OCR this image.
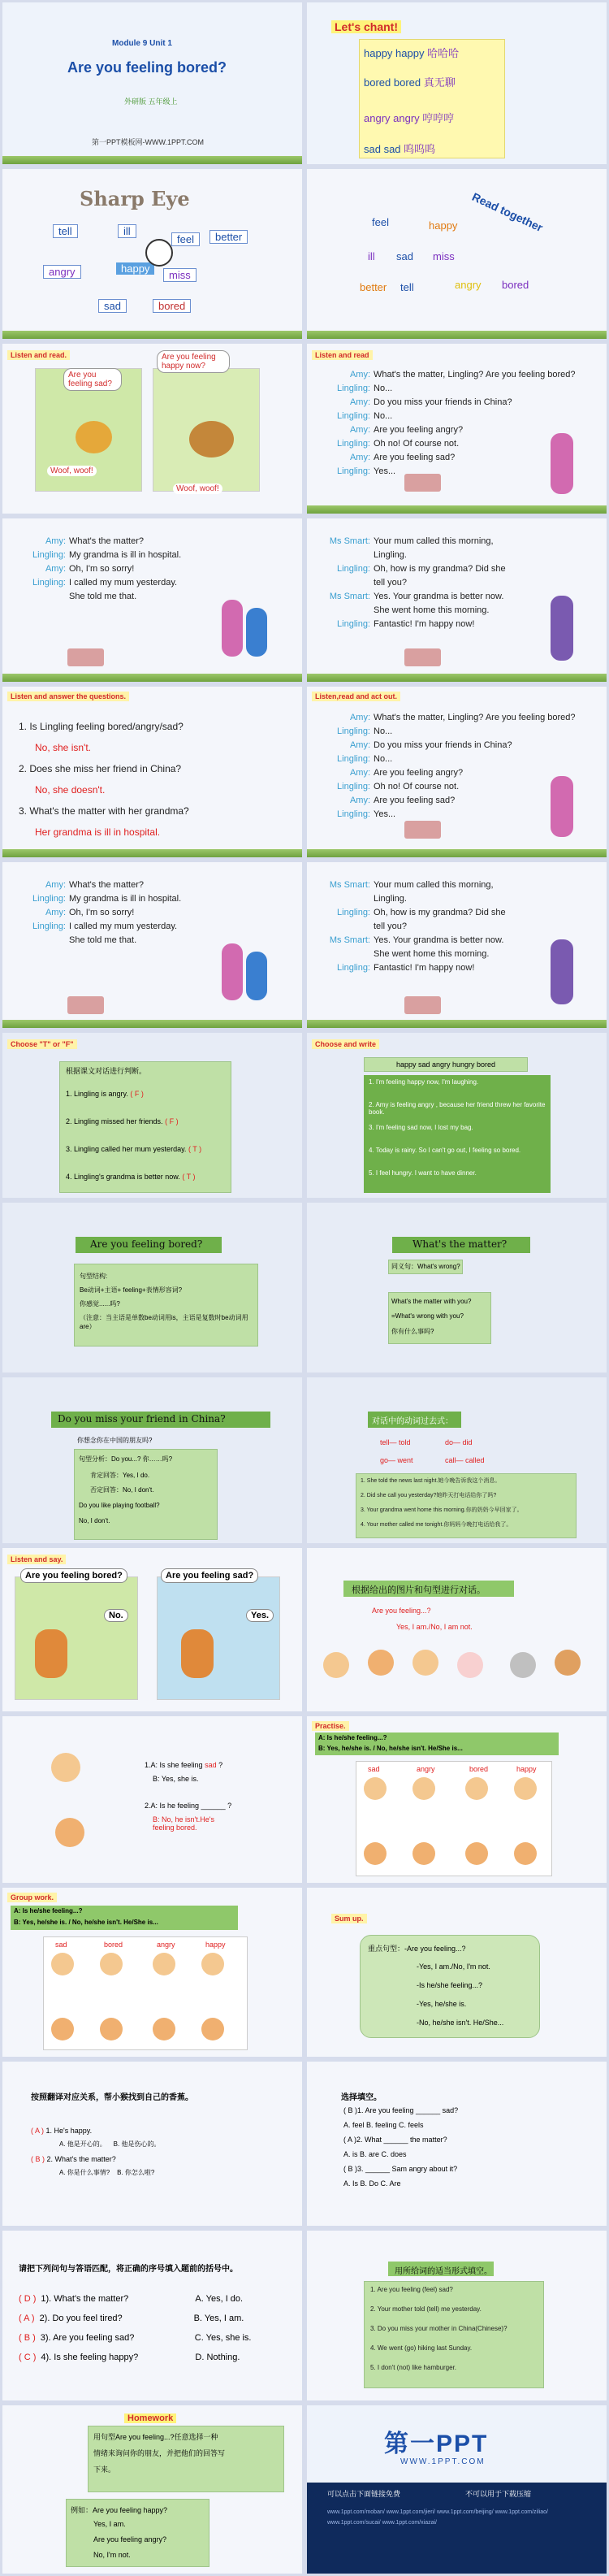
Module 9 Unit 1
Are you feeling bored?
外研版 五年级上
第一PPT模板网-WWW.1PPT.COM
Let's chant!
happy happy 哈哈哈
bored bored 真无聊
angry angry 哼哼哼
sad sad 呜呜呜
Sharp Eye
tell	ill
feel	better
angry	happy
miss
sad	bored
Read together
feel	happy
ill sad miss
better tell	angry bored
Listen and read.
Are you feeling sad?
Are you feeling happy now?
Woof, woof!
Woof, woof!
Listen and read
Amy: What's the matter, Lingling? Are you feeling bored?
Lingling: No...
Amy: Do you miss your friends in China?
Lingling: No...
Amy: Are you feeling angry?
Lingling: Oh no! Of course not.
Amy: Are you feeling sad?
Lingling: Yes...
Amy: What's the matter?
Lingling: My grandma is ill in hospital.
Amy: Oh, I'm so sorry!
Lingling: I called my mum yesterday.
She told me that.
Ms Smart: Your mum called this morning,
Lingling.
Lingling: Oh, how is my grandma? Did she
tell you?
Ms Smart: Yes. Your grandma is better now.
She went home this morning.
Lingling: Fantastic! I'm happy now!
Listen and answer the questions.
1. Is Lingling feeling bored/angry/sad?
No, she isn't.
2. Does she miss her friend in China?
No, she doesn't.
3. What's the matter with her grandma?
Her grandma is ill in hospital.
Listen,read and act out.
Amy: What's the matter, Lingling? Are you feeling bored?
Lingling: No...
Amy: Do you miss your friends in China?
Lingling: No...
Amy: Are you feeling angry?
Lingling: Oh no! Of course not.
Amy: Are you feeling sad?
Lingling: Yes...
Amy: What's the matter?
Lingling: My grandma is ill in hospital.
Amy: Oh, I'm so sorry!
Lingling: I called my mum yesterday.
She told me that.
Ms Smart: Your mum called this morning,
Lingling.
Lingling: Oh, how is my grandma? Did she
tell you?
Ms Smart: Yes. Your grandma is better now.
She went home this morning.
Lingling: Fantastic! I'm happy now!
Choose "T" or "F"
根据课文对话进行判断。
1. Lingling is angry. ( F )
2. Lingling missed her friends. ( F )
3. Lingling called her mum yesterday. ( T )
4. Lingling's grandma is better now. ( T )
Choose and write
happy sad angry hungry bored
1. I'm feeling happy now, I'm laughing.
2. Amy is feeling angry , because her friend threw her favorite book.
3. I'm feeling sad now, I lost my bag.
4. Today is rainy. So I can't go out, I feeling so bored.
5. I feel hungry. I want to have dinner.
Are you feeling bored?
句型结构:
Be动词+主语+ feeling+表情形容词?
你感觉......吗?
（注意：当主语是单数be动词用is，主语是复数时be动词用are）
What's the matter?
同义句：What's wrong?
What's the matter with you?
=What's wrong with you?
你有什么事吗?
Do you miss your friend in China?
你想念你在中国的朋友吗?
句型分析：Do you...? 你……吗?
肯定回答：Yes, I do.
否定回答：No, I don't.
Do you like playing football?
No, I don't.
对话中的动词过去式：
tell— told	do— did
go— went	call— called
1. She told the news last night.她今晚告诉我这个消息。
2. Did she call you yesterday?她昨天打电话给你了吗?
3. Your grandma went home this morning.你的奶奶今早回家了。
4. Your mother called me tonight.你妈妈今晚打电话给我了。
Listen and say.
Are you feeling bored?
No.
Are you feeling sad?
Yes.
根据给出的图片和句型进行对话。
Are you feeling...?
Yes, I am./No, I am not.
1.A: Is she feeling sad ?
B: Yes, she is.
2.A: Is he feeling ______ ?
B: No, he isn't.He's feeling bored.
Practise.
A: Is he/she feeling...?
B: Yes, he/she is. / No, he/she isn't. He/She is...
sad	angry	bored	happy
Group work.
A: Is he/she feeling...?
B: Yes, he/she is. / No, he/she isn't. He/She is...
sad	bored	angry	happy
Sum up.
重点句型：-Are you feeling...?
-Yes, I am./No, I'm not.
-Is he/she feeling...?
-Yes, he/she is.
-No, he/she isn't. He/She...
按照翻译对应关系，帮小猴找到自己的香蕉。
( A ) 1. He's happy.
A. 他是开心的。 B. 他是伤心的。
( B ) 2. What's the matter?
A. 你是什么事情? B. 你怎么啦?
选择填空。
( B )1. Are you feeling ______ sad?
A. feel B. feeling C. feels
( A )2. What ______ the matter?
A. is B. are C. does
( B )3. ______ Sam angry about it?
A. Is B. Do C. Are
请把下列问句与答语匹配，将正确的序号填入题前的括号中。
( D ) 1). What's the matter?	A. Yes, I do.
( A ) 2). Do you feel tired?	B. Yes, I am.
( B ) 3). Are you feeling sad?	C. Yes, she is.
( C ) 4). Is she feeling happy?	D. Nothing.
用所给词的适当形式填空。
1. Are you feeling (feel) sad?
2. Your mother told (tell) me yesterday.
3. Do you miss your mother in China(Chinese)?
4. We went (go) hiking last Sunday.
5. I don't (not) like hamburger.
Homework
用句型Are you feeling...?任意选择一种
情绪来询问你的朋友，并把他们的回答写
下来。
例如：Are you feeling happy?
Yes, I am.
Are you feeling angry?
No, I'm not.
第一PPT
WWW.1PPT.COM
可以点击下面链接免费	不可以用于下载压缩
www.1ppt.com/moban/ www.1ppt.com/jieri/ www.1ppt.com/beijing/ www.1ppt.com/ziliao/ www.1ppt.com/sucai/ www.1ppt.com/xiazai/
